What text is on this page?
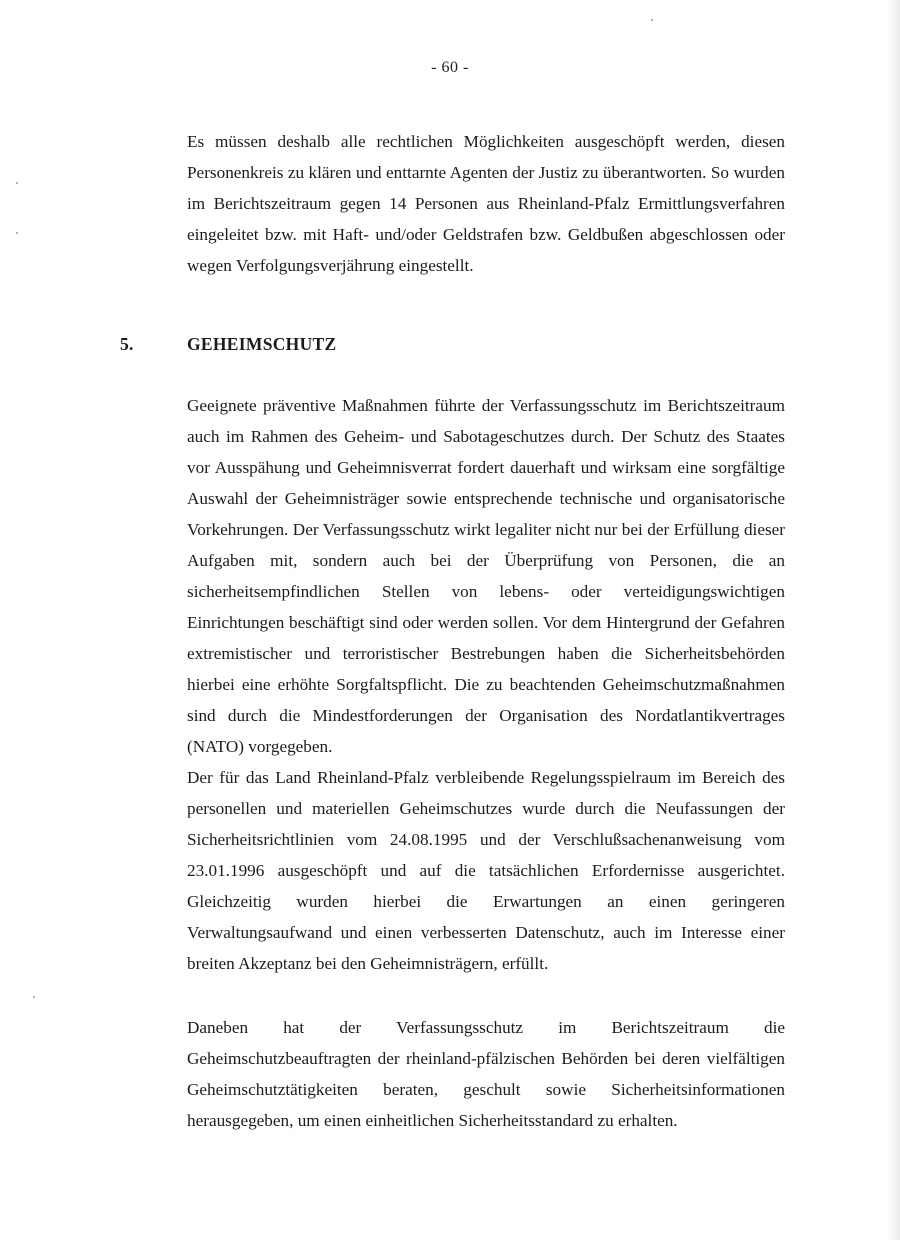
- 60 -

Es müssen deshalb alle rechtlichen Möglichkeiten ausgeschöpft werden, diesen Personenkreis zu klären und enttarnte Agenten der Justiz zu überantworten. So wurden im Berichtszeitraum gegen 14 Personen aus Rheinland-Pfalz Ermittlungsverfahren eingeleitet bzw. mit Haft- und/oder Geldstrafen bzw. Geldbußen abgeschlossen oder wegen Verfolgungsverjährung eingestellt.

5.	GEHEIMSCHUTZ

Geeignete präventive Maßnahmen führte der Verfassungsschutz im Berichtszeitraum auch im Rahmen des Geheim- und Sabotageschutzes durch. Der Schutz des Staates vor Ausspähung und Geheimnisverrat fordert dauerhaft und wirksam eine sorgfältige Auswahl der Geheimnisträger sowie entsprechende technische und organisatorische Vorkehrungen. Der Verfassungsschutz wirkt legaliter nicht nur bei der Erfüllung dieser Aufgaben mit, sondern auch bei der Überprüfung von Personen, die an sicherheitsempfindlichen Stellen von lebens- oder verteidigungswichtigen Einrichtungen beschäftigt sind oder werden sollen. Vor dem Hintergrund der Gefahren extremistischer und terroristischer Bestrebungen haben die Sicherheitsbehörden hierbei eine erhöhte Sorgfaltspflicht. Die zu beachtenden Geheimschutzmaßnahmen sind durch die Mindestforderungen der Organisation des Nordatlantikvertrages (NATO) vorgegeben.

Der für das Land Rheinland-Pfalz verbleibende Regelungsspielraum im Bereich des personellen und materiellen Geheimschutzes wurde durch die Neufassungen der Sicherheitsrichtlinien vom 24.08.1995 und der Verschlußsachenanweisung vom 23.01.1996 ausgeschöpft und auf die tatsächlichen Erfordernisse ausgerichtet. Gleichzeitig wurden hierbei die Erwartungen an einen geringeren Verwaltungsaufwand und einen verbesserten Datenschutz, auch im Interesse einer breiten Akzeptanz bei den Geheimnisträgern, erfüllt.

Daneben hat der Verfassungsschutz im Berichtszeitraum die Geheimschutzbeauftragten der rheinland-pfälzischen Behörden bei deren vielfältigen Geheimschutztätigkeiten beraten, geschult sowie Sicherheitsinformationen herausgegeben, um einen einheitlichen Sicherheitsstandard zu erhalten.
